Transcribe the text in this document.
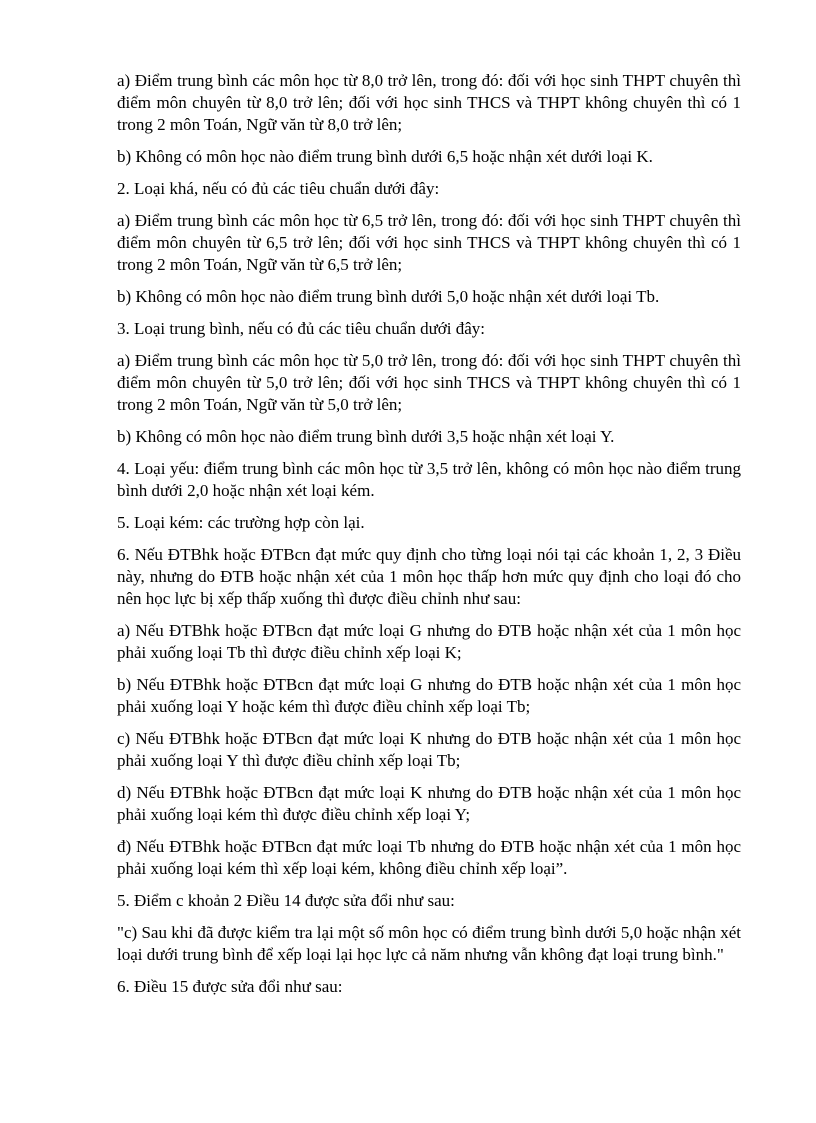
a) Điểm trung bình các môn học từ 8,0 trở lên, trong đó: đối với học sinh THPT chuyên thì điểm môn chuyên từ 8,0 trở lên; đối với học sinh THCS và THPT không chuyên thì có 1 trong 2 môn Toán, Ngữ văn từ 8,0 trở lên;

b) Không có môn học nào điểm trung bình dưới 6,5 hoặc nhận xét dưới loại K.

2. Loại khá, nếu có đủ các tiêu chuẩn dưới đây:

a) Điểm trung bình các môn học từ 6,5 trở lên, trong đó: đối với học sinh THPT chuyên thì điểm môn chuyên từ 6,5 trở lên; đối với học sinh THCS và THPT không chuyên thì có 1 trong 2 môn Toán, Ngữ văn từ 6,5 trở lên;

b) Không có môn học nào điểm trung bình dưới 5,0 hoặc nhận xét dưới loại Tb.

3. Loại trung bình, nếu có đủ các tiêu chuẩn dưới đây:

a) Điểm trung bình các môn học từ 5,0 trở lên, trong đó: đối với học sinh THPT chuyên thì điểm môn chuyên từ 5,0 trở lên; đối với học sinh THCS và THPT không chuyên thì có 1 trong 2 môn Toán, Ngữ văn từ 5,0 trở lên;

b) Không có môn học nào điểm trung bình dưới 3,5 hoặc nhận xét loại Y.

4. Loại yếu: điểm trung bình các môn học từ 3,5 trở lên, không có môn học nào điểm trung bình dưới 2,0 hoặc nhận xét loại kém.

5. Loại kém: các trường hợp còn lại.

6. Nếu ĐTBhk hoặc ĐTBcn đạt mức quy định cho từng loại nói tại các khoản 1, 2, 3 Điều này, nhưng do ĐTB hoặc nhận xét của 1 môn học thấp hơn mức quy định cho loại đó cho nên học lực bị xếp thấp xuống thì được điều chỉnh như sau:

a) Nếu ĐTBhk hoặc ĐTBcn đạt mức loại G nhưng do ĐTB hoặc nhận xét của 1 môn học phải xuống loại Tb thì được điều chỉnh xếp loại K;

b) Nếu ĐTBhk hoặc ĐTBcn đạt mức loại G nhưng do ĐTB hoặc nhận xét của 1 môn học phải xuống loại Y hoặc kém thì được điều chỉnh xếp loại Tb;

c) Nếu ĐTBhk hoặc ĐTBcn đạt mức loại K nhưng do ĐTB hoặc nhận xét của 1 môn học phải xuống loại Y thì được điều chỉnh xếp loại Tb;

d) Nếu ĐTBhk hoặc ĐTBcn đạt mức loại K nhưng do ĐTB hoặc nhận xét của 1 môn học phải xuống loại kém thì được điều chỉnh xếp loại Y;

đ) Nếu ĐTBhk hoặc ĐTBcn đạt mức loại Tb nhưng do ĐTB hoặc nhận xét của 1 môn học phải xuống loại kém thì xếp loại kém, không điều chỉnh xếp loại”.

5. Điểm c khoản 2 Điều 14 được sửa đổi như sau:

"c) Sau khi đã được kiểm tra lại một số môn học có điểm trung bình dưới 5,0 hoặc nhận xét loại dưới trung bình để xếp loại lại học lực cả năm nhưng vẫn không đạt loại trung bình."

6. Điều 15 được sửa đổi như sau:
